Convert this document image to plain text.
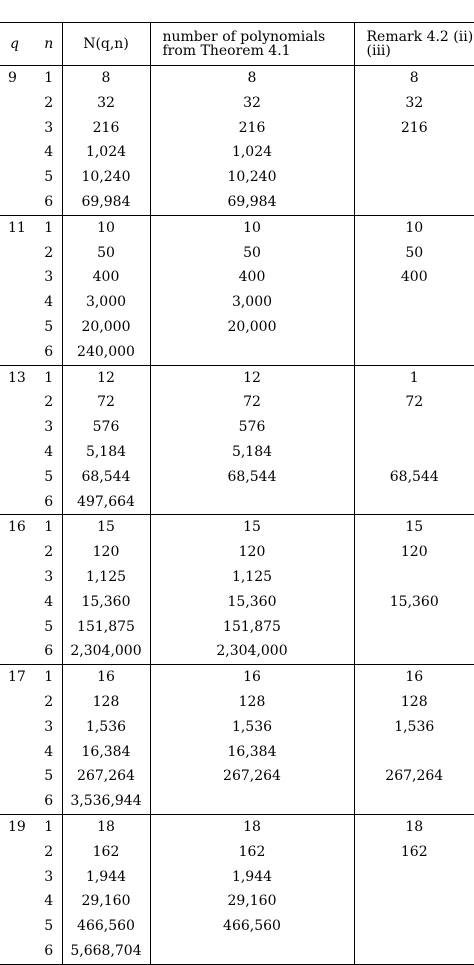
q	n	N(q,n)	number of polynomials from Theorem 4.1	Remark 4.2 (ii) (iii)
9	1	8	8	8
	2	32	32	32
	3	216	216	216
	4	1,024	1,024	
	5	10,240	10,240	
	6	69,984	69,984	
11	1	10	10	10
	2	50	50	50
	3	400	400	400
	4	3,000	3,000	
	5	20,000	20,000	
	6	240,000		
13	1	12	12	1
	2	72	72	72
	3	576	576	
	4	5,184	5,184	
	5	68,544	68,544	68,544
	6	497,664		
16	1	15	15	15
	2	120	120	120
	3	1,125	1,125	
	4	15,360	15,360	15,360
	5	151,875	151,875	
	6	2,304,000	2,304,000	
17	1	16	16	16
	2	128	128	128
	3	1,536	1,536	1,536
	4	16,384	16,384	
	5	267,264	267,264	267,264
	6	3,536,944		
19	1	18	18	18
	2	162	162	162
	3	1,944	1,944	
	4	29,160	29,160	
	5	466,560	466,560	
	6	5,668,704		
